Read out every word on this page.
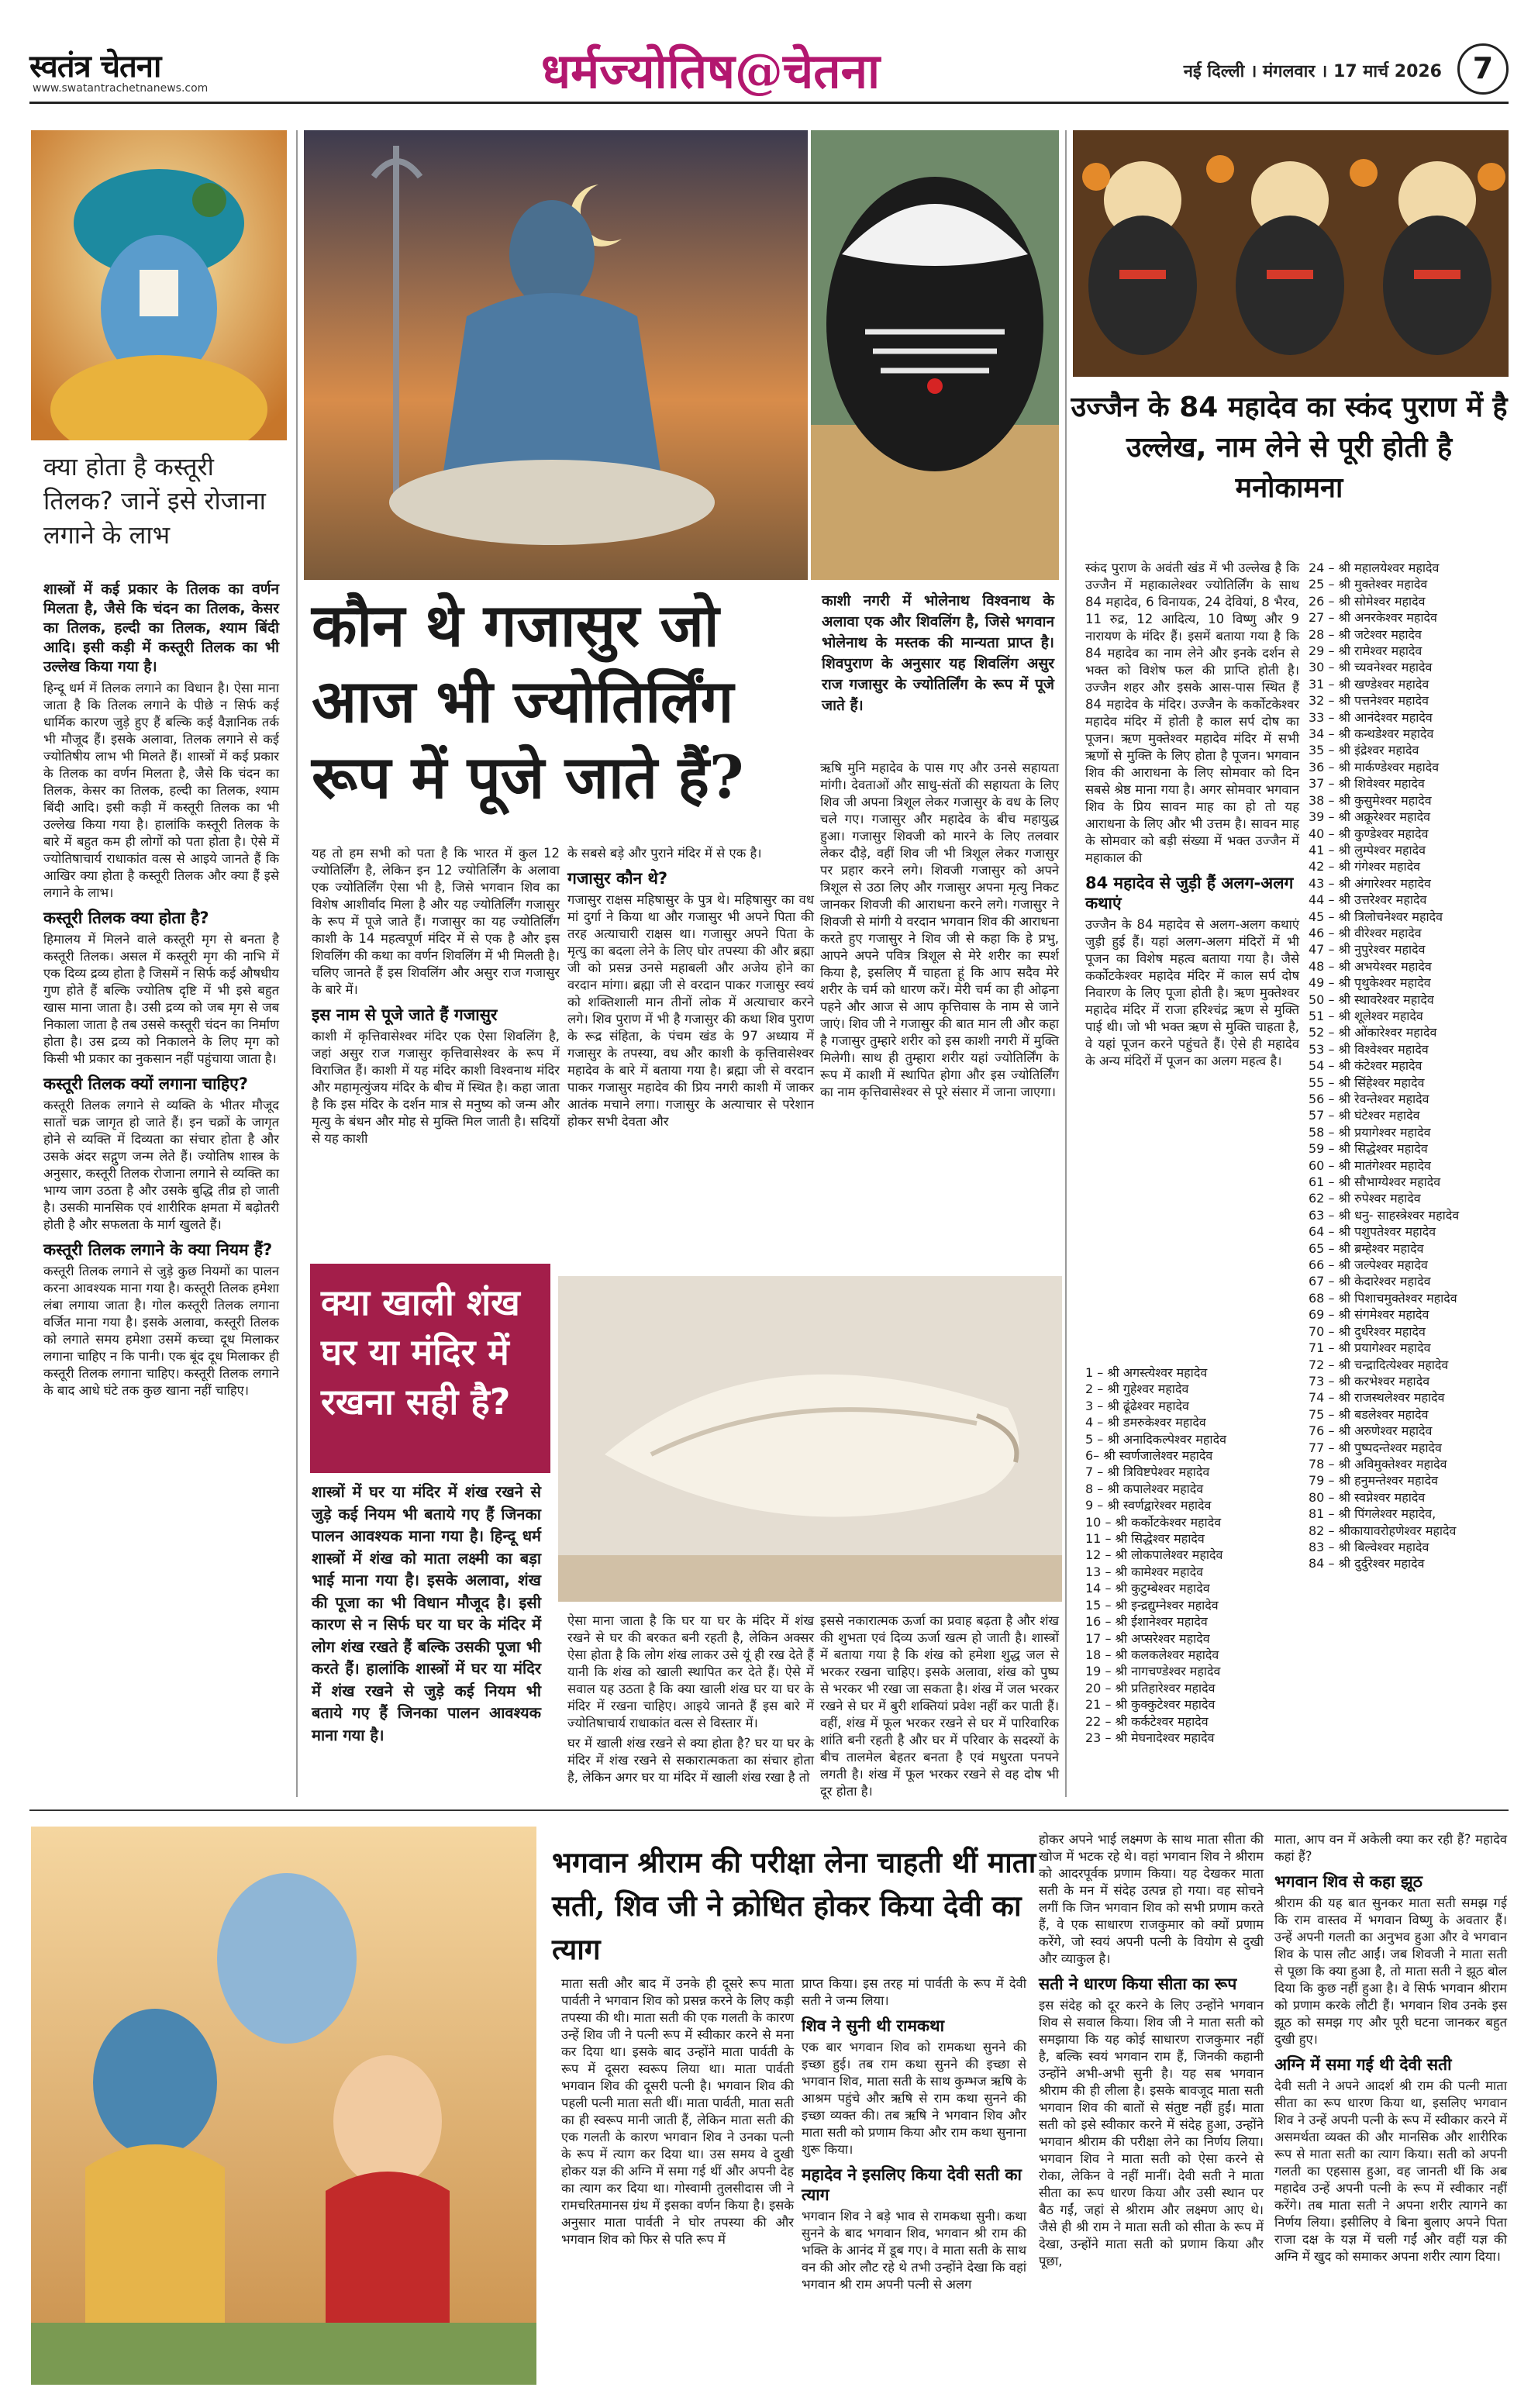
स्वतंत्र चेतना
www.swatantrachetnanews.com	धर्मज्योतिष@चेतना	नई दिल्ली । मंगलवार । 17 मार्च 2026	7
क्या होता है कस्तूरी तिलक? जानें इसे रोजाना लगाने के लाभ

शास्त्रों में कई प्रकार के तिलक का वर्णन मिलता है, जैसे कि चंदन का तिलक, केसर का तिलक, हल्दी का तिलक, श्याम बिंदी आदि। इसी कड़ी में कस्तूरी तिलक का भी उल्लेख किया गया है।

हिन्दू धर्म में तिलक लगाने का विधान है। ऐसा माना जाता है कि तिलक लगाने के पीछे न सिर्फ कई धार्मिक कारण जुड़े हुए हैं बल्कि कई वैज्ञानिक तर्क भी मौजूद हैं। इसके अलावा, तिलक लगाने से कई ज्योतिषीय लाभ भी मिलते हैं। शास्त्रों में कई प्रकार के तिलक का वर्णन मिलता है, जैसे कि चंदन का तिलक, केसर का तिलक, हल्दी का तिलक, श्याम बिंदी आदि। इसी कड़ी में कस्तूरी तिलक का भी उल्लेख किया गया है। हालांकि कस्तूरी तिलक के बारे में बहुत कम ही लोगों को पता होता है। ऐसे में ज्योतिषाचार्य राधाकांत वत्स से आइये जानते हैं कि आखिर क्या होता है कस्तूरी तिलक और क्या हैं इसे लगाने के लाभ।

कस्तूरी तिलक क्या होता है?

हिमालय में मिलने वाले कस्तूरी मृग से बनता है कस्तूरी तिलक। असल में कस्तूरी मृग की नाभि में एक दिव्य द्रव्य होता है जिसमें न सिर्फ कई औषधीय गुण होते हैं बल्कि ज्योतिष दृष्टि में भी इसे बहुत खास माना जाता है। उसी द्रव्य को जब मृग से जब निकाला जाता है तब उससे कस्तूरी चंदन का निर्माण होता है। उस द्रव्य को निकालने के लिए मृग को किसी भी प्रकार का नुकसान नहीं पहुंचाया जाता है।

कस्तूरी तिलक क्यों लगाना चाहिए?

कस्तूरी तिलक लगाने से व्यक्ति के भीतर मौजूद सातों चक्र जागृत हो जाते हैं। इन चक्रों के जागृत होने से व्यक्ति में दिव्यता का संचार होता है और उसके अंदर सद्गुण जन्म लेते हैं। ज्योतिष शास्त्र के अनुसार, कस्तूरी तिलक रोजाना लगाने से व्यक्ति का भाग्य जाग उठता है और उसके बुद्धि तीव्र हो जाती है। उसकी मानसिक एवं शारीरिक क्षमता में बढ़ोतरी होती है और सफलता के मार्ग खुलते हैं।

कस्तूरी तिलक लगाने के क्या नियम हैं?

कस्तूरी तिलक लगाने से जुड़े कुछ नियमों का पालन करना आवश्यक माना गया है। कस्तूरी तिलक हमेशा लंबा लगाया जाता है। गोल कस्तूरी तिलक लगाना वर्जित माना गया है। इसके अलावा, कस्तूरी तिलक को लगाते समय हमेशा उसमें कच्चा दूध मिलाकर लगाना चाहिए न कि पानी। एक बूंद दूध मिलाकर ही कस्तूरी तिलक लगाना चाहिए। कस्तूरी तिलक लगाने के बाद आधे घंटे तक कुछ खाना नहीं चाहिए।

कौन थे गजासुर जो आज भी ज्योतिर्लिंग रूप में पूजे जाते हैं?
काशी नगरी में भोलेनाथ विश्वनाथ के अलावा एक और शिवलिंग है, जिसे भगवान भोलेनाथ के मस्तक की मान्यता प्राप्त है। शिवपुराण के अनुसार यह शिवलिंग असुर राज गजासुर के ज्योतिर्लिंग के रूप में पूजे जाते हैं।

यह तो हम सभी को पता है कि भारत में कुल 12 ज्योतिर्लिंग है, लेकिन इन 12 ज्योतिर्लिंग के अलावा एक ज्योतिर्लिंग ऐसा भी है, जिसे भगवान शिव का विशेष आशीर्वाद मिला है और यह ज्योतिर्लिंग गजासुर के रूप में पूजे जाते हैं। गजासुर का यह ज्योतिर्लिंग काशी के 14 महत्वपूर्ण मंदिर में से एक है और इस शिवलिंग की कथा का वर्णन शिवलिंग में भी मिलती है। चलिए जानते हैं इस शिवलिंग और असुर राज गजासुर के बारे में।

इस नाम से पूजे जाते हैं गजासुर

काशी में कृत्तिवासेश्वर मंदिर एक ऐसा शिवलिंग है, जहां असुर राज गजासुर कृत्तिवासेश्वर के रूप में विराजित हैं। काशी में यह मंदिर काशी विश्वनाथ मंदिर और महामृत्युंजय मंदिर के बीच में स्थित है। कहा जाता है कि इस मंदिर के दर्शन मात्र से मनुष्य को जन्म और मृत्यु के बंधन और मोह से मुक्ति मिल जाती है। सदियों से यह काशी

के सबसे बड़े और पुराने मंदिर में से एक है।

गजासुर कौन थे?

गजासुर राक्षस महिषासुर के पुत्र थे। महिषासुर का वध मां दुर्गा ने किया था और गजासुर भी अपने पिता की तरह अत्याचारी राक्षस था। गजासुर अपने पिता के मृत्यु का बदला लेने के लिए घोर तपस्या की और ब्रह्मा जी को प्रसन्न उनसे महाबली और अजेय होने का वरदान मांगा। ब्रह्मा जी से वरदान पाकर गजासुर स्वयं को शक्तिशाली मान तीनों लोक में अत्याचार करने लगे। शिव पुराण में भी है गजासुर की कथा शिव पुराण के रूद्र संहिता, के पंचम खंड के 97 अध्याय में गजासुर के तपस्या, वध और काशी के कृत्तिवासेश्वर महादेव के बारे में बताया गया है। ब्रह्मा जी से वरदान पाकर गजासुर महादेव की प्रिय नगरी काशी में जाकर आतंक मचाने लगा। गजासुर के अत्याचार से परेशान होकर सभी देवता और

ऋषि मुनि महादेव के पास गए और उनसे सहायता मांगी। देवताओं और साधु-संतों की सहायता के लिए शिव जी अपना त्रिशूल लेकर गजासुर के वध के लिए चले गए। गजासुर और महादेव के बीच महायुद्ध हुआ। गजासुर शिवजी को मारने के लिए तलवार लेकर दौड़े, वहीं शिव जी भी त्रिशूल लेकर गजासुर पर प्रहार करने लगे। शिवजी गजासुर को अपने त्रिशूल से उठा लिए और गजासुर अपना मृत्यु निकट जानकर शिवजी की आराधना करने लगे। गजासुर ने शिवजी से मांगी ये वरदान भगवान शिव की आराधना करते हुए गजासुर ने शिव जी से कहा कि हे प्रभु, आपने अपने पवित्र त्रिशूल से मेरे शरीर का स्पर्श किया है, इसलिए मैं चाहता हूं कि आप सदैव मेरे शरीर के चर्म को धारण करें। मेरी चर्म का ही ओढ़ना पहने और आज से आप कृत्तिवास के नाम से जाने जाएं। शिव जी ने गजासुर की बात मान ली और कहा है गजासुर तुम्हारे शरीर को इस काशी नगरी में मुक्ति मिलेगी। साथ ही तुम्हारा शरीर यहां ज्योतिर्लिंग के रूप में काशी में स्थापित होगा और इस ज्योतिर्लिंग का नाम कृत्तिवासेश्वर से पूरे संसार में जाना जाएगा।

उज्जैन के 84 महादेव का स्कंद पुराण में है उल्लेख, नाम लेने से पूरी होती है मनोकामना

स्कंद पुराण के अवंती खंड में भी उल्लेख है कि उज्जैन में महाकालेश्वर ज्योतिर्लिंग के साथ 84 महादेव, 6 विनायक, 24 देवियां, 8 भैरव, 11 रुद्र, 12 आदित्य, 10 विष्णु और 9 नारायण के मंदिर हैं। इसमें बताया गया है कि 84 महादेव का नाम लेने और इनके दर्शन से भक्त को विशेष फल की प्राप्ति होती है। उज्जैन शहर और इसके आस-पास स्थित हैं 84 महादेव के मंदिर। उज्जैन के कर्कोटकेश्वर महादेव मंदिर में होती है काल सर्प दोष का पूजन। ऋण मुक्तेश्वर महादेव मंदिर में सभी ऋणों से मुक्ति के लिए होता है पूजन। भगवान शिव की आराधना के लिए सोमवार को दिन सबसे श्रेष्ठ माना गया है। अगर सोमवार भगवान शिव के प्रिय सावन माह का हो तो यह आराधना के लिए और भी उत्तम है। सावन माह के सोमवार को बड़ी संख्या में भक्त उज्जैन में महाकाल की

84 महादेव से जुड़ी हैं अलग-अलग कथाएं

उज्जैन के 84 महादेव से अलग-अलग कथाएं जुड़ी हुई हैं। यहां अलग-अलग मंदिरों में भी पूजन का विशेष महत्व बताया गया है। जैसे कर्कोटकेश्वर महादेव मंदिर में काल सर्प दोष निवारण के लिए पूजा होती है। ऋण मुक्तेश्वर महादेव मंदिर में राजा हरिश्चंद्र ऋण से मुक्ति पाई थी। जो भी भक्त ऋण से मुक्ति चाहता है, वे यहां पूजन करने पहुंचते हैं। ऐसे ही महादेव के अन्य मंदिरों में पूजन का अलग महत्व है।

1 – श्री अगस्त्येश्वर महादेव
2 – श्री गुहेश्वर महादेव
3 – श्री ढूंढेश्वर महादेव
4 – श्री डमरुकेश्वर महादेव
5 – श्री अनादिकल्पेश्वर महादेव
6– श्री स्वर्णजालेश्वर महादेव
7 – श्री त्रिविष्टपेश्वर महादेव
8 – श्री कपालेश्वर महादेव
9 – श्री स्वर्णद्वारेश्वर महादेव
10 – श्री कर्कोटकेश्वर महादेव
11 – श्री सिद्धेश्वर महादेव
12 – श्री लोकपालेश्वर महादेव
13 – श्री कामेश्वर महादेव
14 – श्री कुटुम्बेश्वर महादेव
15 – श्री इन्द्रद्युम्नेश्वर महादेव
16 – श्री ईशानेश्वर महादेव
17 – श्री अप्सरेश्वर महादेव
18 – श्री कलकलेश्वर महादेव
19 – श्री नागचण्डेश्वर महादेव
20 – श्री प्रतिहारेश्वर महादेव
21 – श्री कुक्कुटेश्वर महादेव
22 – श्री कर्कटेश्वर महादेव
23 – श्री मेघनादेश्वर महादेव
24 – श्री महालयेश्वर महादेव
25 – श्री मुक्तेश्वर महादेव
26 – श्री सोमेश्वर महादेव
27 – श्री अनरकेश्वर महादेव
28 – श्री जटेश्वर महादेव
29 – श्री रामेश्वर महादेव
30 – श्री च्यवनेश्वर महादेव
31 – श्री खण्डेश्वर महादेव
32 – श्री पत्तनेश्वर महादेव
33 – श्री आनंदेश्वर महादेव
34 – श्री कन्थडेश्वर महादेव
35 – श्री इंद्रेश्वर महादेव
36 – श्री मार्कण्डेश्वर महादेव
37 – श्री शिवेश्वर महादेव
38 – श्री कुसुमेश्वर महादेव
39 – श्री अक्रूरेश्वर महादेव
40 – श्री कुण्डेश्वर महादेव
41 – श्री लुम्पेश्वर महादेव
42 – श्री गंगेश्वर महादेव
43 – श्री अंगारेश्वर महादेव
44 – श्री उत्तरेश्वर महादेव
45 – श्री त्रिलोचनेश्वर महादेव
46 – श्री वीरेश्वर महादेव
47 – श्री नुपुरेश्वर महादेव
48 – श्री अभयेश्वर महादेव
49 – श्री पृथुकेश्वर महादेव
50 – श्री स्थावरेश्वर महादेव
51 – श्री शूलेश्वर महादेव
52 – श्री ओंकारेश्वर महादेव
53 – श्री विश्वेश्वर महादेव
54 – श्री कंटेश्वर महादेव
55 – श्री सिंहेश्वर महादेव
56 – श्री रेवन्तेश्वर महादेव
57 – श्री घंटेश्वर महादेव
58 – श्री प्रयागेश्वर महादेव
59 – श्री सिद्धेश्वर महादेव
60 – श्री मातंगेश्वर महादेव
61 – श्री सौभाग्येश्वर महादेव
62 – श्री रुपेश्वर महादेव
63 – श्री धनु- साहस्त्रेश्वर महादेव
64 – श्री पशुपतेश्वर महादेव
65 – श्री ब्रम्हेश्वर महादेव
66 – श्री जल्पेश्वर महादेव
67 – श्री केदारेश्वर महादेव
68 – श्री पिशाचमुक्तेश्वर महादेव
69 – श्री संगमेश्वर महादेव
70 – श्री दुर्धरेश्वर महादेव
71 – श्री प्रयागेश्वर महादेव
72 – श्री चन्द्रादित्येश्वर महादेव
73 – श्री करभेश्वर महादेव
74 – श्री राजस्थलेश्वर महादेव
75 – श्री बडलेश्वर महादेव
76 – श्री अरुणेश्वर महादेव
77 – श्री पुष्पदन्तेश्वर महादेव
78 – श्री अविमुक्तेश्वर महादेव
79 – श्री हनुमन्तेश्वर महादेव
80 – श्री स्वप्नेश्वर महादेव
81 – श्री पिंगलेश्वर महादेव,
82 – श्रीकायावरोहणेश्वर महादेव
83 – श्री बिल्वेश्वर महादेव
84 – श्री दुर्दुरेश्वर महादेव
क्या खाली शंख घर या मंदिर में रखना सही है?
शास्त्रों में घर या मंदिर में शंख रखने से जुड़े कई नियम भी बताये गए हैं जिनका पालन आवश्यक माना गया है। हिन्दू धर्म शास्त्रों में शंख को माता लक्ष्मी का बड़ा भाई माना गया है। इसके अलावा, शंख की पूजा का भी विधान मौजूद है। इसी कारण से न सिर्फ घर या घर के मंदिर में लोग शंख रखते हैं बल्कि उसकी पूजा भी करते हैं। हालांकि शास्त्रों में घर या मंदिर में शंख रखने से जुड़े कई नियम भी बताये गए हैं जिनका पालन आवश्यक माना गया है।

ऐसा माना जाता है कि घर या घर के मंदिर में शंख रखने से घर की बरकत बनी रहती है, लेकिन अक्सर ऐसा होता है कि लोग शंख लाकर उसे यूं ही रख देते हैं यानी कि शंख को खाली स्थापित कर देते हैं। ऐसे में सवाल यह उठता है कि क्या खाली शंख घर या घर के मंदिर में रखना चाहिए। आइये जानते हैं इस बारे में ज्योतिषाचार्य राधाकांत वत्स से विस्तार में।

घर में खाली शंख रखने से क्या होता है? घर या घर के मंदिर में शंख रखने से सकारात्मकता का संचार होता है, लेकिन अगर घर या मंदिर में खाली शंख रखा है तो

इससे नकारात्मक ऊर्जा का प्रवाह बढ़ता है और शंख की शुभता एवं दिव्य ऊर्जा खत्म हो जाती है। शास्त्रों में बताया गया है कि शंख को हमेशा शुद्ध जल से भरकर रखना चाहिए। इसके अलावा, शंख को पुष्प से भरकर भी रखा जा सकता है। शंख में जल भरकर रखने से घर में बुरी शक्तियां प्रवेश नहीं कर पाती हैं। वहीं, शंख में फूल भरकर रखने से घर में पारिवारिक शांति बनी रहती है और घर में परिवार के सदस्यों के बीच तालमेल बेहतर बनता है एवं मधुरता पनपने लगती है। शंख में फूल भरकर रखने से वह दोष भी दूर होता है।

भगवान श्रीराम की परीक्षा लेना चाहती थीं माता सती, शिव जी ने क्रोधित होकर किया देवी का त्याग

माता सती और बाद में उनके ही दूसरे रूप माता पार्वती ने भगवान शिव को प्रसन्न करने के लिए कड़ी तपस्या की थी। माता सती की एक गलती के कारण उन्हें शिव जी ने पत्नी रूप में स्वीकार करने से मना कर दिया था। इसके बाद उन्होंने माता पार्वती के रूप में दूसरा स्वरूप लिया था। माता पार्वती भगवान शिव की दूसरी पत्नी है। भगवान शिव की पहली पत्नी माता सती थीं। माता पार्वती, माता सती का ही स्वरूप मानी जाती हैं, लेकिन माता सती की एक गलती के कारण भगवान शिव ने उनका पत्नी के रूप में त्याग कर दिया था। उस समय वे दुखी होकर यज्ञ की अग्नि में समा गई थीं और अपनी देह का त्याग कर दिया था। गोस्वामी तुलसीदास जी ने रामचरितमानस ग्रंथ में इसका वर्णन किया है। इसके अनुसार माता पार्वती ने घोर तपस्या की और भगवान शिव को फिर से पति रूप में

प्राप्त किया। इस तरह मां पार्वती के रूप में देवी सती ने जन्म लिया।

शिव ने सुनी थी रामकथा

एक बार भगवान शिव को रामकथा सुनने की इच्छा हुई। तब राम कथा सुनने की इच्छा से भगवान शिव, माता सती के साथ कुम्भज ऋषि के आश्रम पहुंचे और ऋषि से राम कथा सुनने की इच्छा व्यक्त की। तब ऋषि ने भगवान शिव और माता सती को प्रणाम किया और राम कथा सुनाना शुरू किया।

महादेव ने इसलिए किया देवी सती का त्याग

भगवान शिव ने बड़े भाव से रामकथा सुनी। कथा सुनने के बाद भगवान शिव, भगवान श्री राम की भक्ति के आनंद में डूब गए। वे माता सती के साथ वन की ओर लौट रहे थे तभी उन्होंने देखा कि वहां भगवान श्री राम अपनी पत्नी से अलग

होकर अपने भाई लक्ष्मण के साथ माता सीता की खोज में भटक रहे थे। वहां भगवान शिव ने श्रीराम को आदरपूर्वक प्रणाम किया। यह देखकर माता सती के मन में संदेह उत्पन्न हो गया। वह सोचने लगीं कि जिन भगवान शिव को सभी प्रणाम करते हैं, वे एक साधारण राजकुमार को क्यों प्रणाम करेंगे, जो स्वयं अपनी पत्नी के वियोग से दुखी और व्याकुल है।

सती ने धारण किया सीता का रूप

इस संदेह को दूर करने के लिए उन्होंने भगवान शिव से सवाल किया। शिव जी ने माता सती को समझाया कि यह कोई साधारण राजकुमार नहीं है, बल्कि स्वयं भगवान राम हैं, जिनकी कहानी उन्होंने अभी-अभी सुनी है। यह सब भगवान श्रीराम की ही लीला है। इसके बावजूद माता सती भगवान शिव की बातों से संतुष्ट नहीं हुईं। माता सती को इसे स्वीकार करने में संदेह हुआ, उन्होंने भगवान श्रीराम की परीक्षा लेने का निर्णय लिया। भगवान शिव ने माता सती को ऐसा करने से रोका, लेकिन वे नहीं मानीं। देवी सती ने माता सीता का रूप धारण किया और उसी स्थान पर बैठ गईं, जहां से श्रीराम और लक्ष्मण आए थे। जैसे ही श्री राम ने माता सती को सीता के रूप में देखा, उन्होंने माता सती को प्रणाम किया और पूछा,

माता, आप वन में अकेली क्या कर रही हैं? महादेव कहां हैं?

भगवान शिव से कहा झूठ

श्रीराम की यह बात सुनकर माता सती समझ गई कि राम वास्तव में भगवान विष्णु के अवतार हैं। उन्हें अपनी गलती का अनुभव हुआ और वे भगवान शिव के पास लौट आईं। जब शिवजी ने माता सती से पूछा कि क्या हुआ है, तो माता सती ने झूठ बोल दिया कि कुछ नहीं हुआ है। वे सिर्फ भगवान श्रीराम को प्रणाम करके लौटी हैं। भगवान शिव उनके इस झूठ को समझ गए और पूरी घटना जानकर बहुत दुखी हुए।

अग्नि में समा गई थी देवी सती

देवी सती ने अपने आदर्श श्री राम की पत्नी माता सीता का रूप धारण किया था, इसलिए भगवान शिव ने उन्हें अपनी पत्नी के रूप में स्वीकार करने में असमर्थता व्यक्त की और मानसिक और शारीरिक रूप से माता सती का त्याग किया। सती को अपनी गलती का एहसास हुआ, वह जानती थीं कि अब महादेव उन्हें अपनी पत्नी के रूप में स्वीकार नहीं करेंगे। तब माता सती ने अपना शरीर त्यागने का निर्णय लिया। इसीलिए वे बिना बुलाए अपने पिता राजा दक्ष के यज्ञ में चली गईं और वहीं यज्ञ की अग्नि में खुद को समाकर अपना शरीर त्याग दिया।
